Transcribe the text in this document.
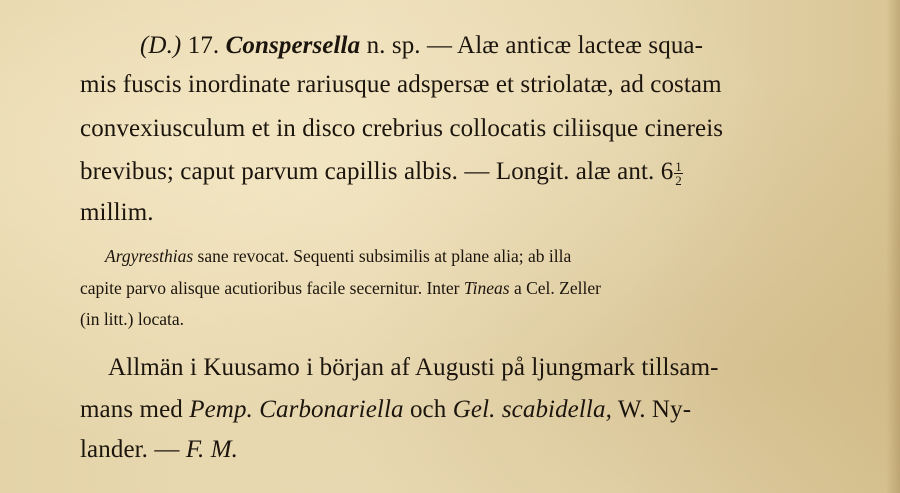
(D.) 17. Conspersella n. sp. — Alæ anticæ lacteæ squa-
mis fuscis inordinate rariusque adspersæ et striolatæ, ad costam
convexiusculum et in disco crebrius collocatis ciliisque cinereis
brevibus; caput parvum capillis albis. — Longit. alæ ant. $6 \frac{1}{2}$
millim.
Argyresthias sane revocat. Sequenti subsimilis at plane alia; ab illa
capite parvo alisque acutioribus facile secernitur. Inter Tineas a Cel. Zeller
(in litt.) locata.
Allmän i Kuusamo i början af Augusti på ljungmark tillsam-
mans med Pemp. Carbonariella och Gel. scabidella, W. Ny-
lander. — F. M.
